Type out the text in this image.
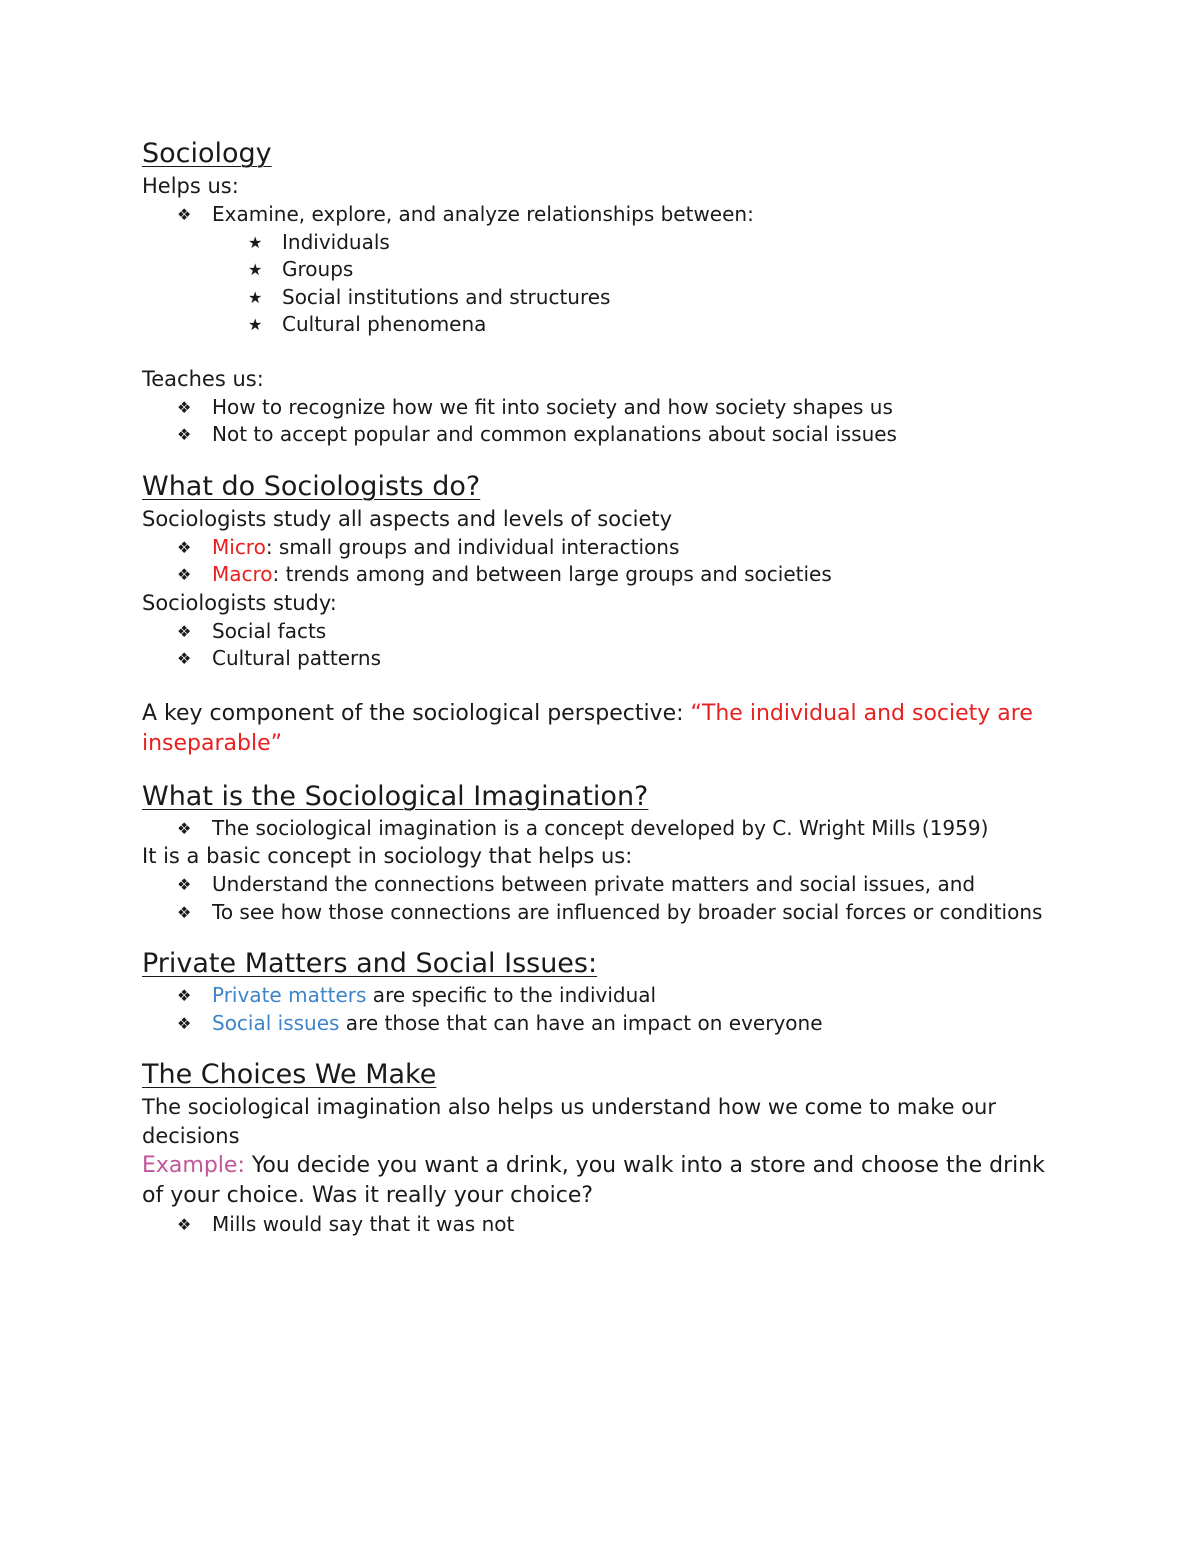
Sociology

Helps us:

❖ Examine, explore, and analyze relationships between:
★ Individuals
★ Groups
★ Social institutions and structures
★ Cultural phenomena

Teaches us:

❖ How to recognize how we fit into society and how society shapes us
❖ Not to accept popular and common explanations about social issues
What do Sociologists do?

Sociologists study all aspects and levels of society

❖ Micro: small groups and individual interactions
❖ Macro: trends among and between large groups and societies

Sociologists study:

❖ Social facts
❖ Cultural patterns

A key component of the sociological perspective: “The individual and society are inseparable”

What is the Sociological Imagination?
❖ The sociological imagination is a concept developed by C. Wright Mills (1959)

It is a basic concept in sociology that helps us:

❖ Understand the connections between private matters and social issues, and
❖ To see how those connections are influenced by broader social forces or conditions
Private Matters and Social Issues:
❖ Private matters are specific to the individual
❖ Social issues are those that can have an impact on everyone
The Choices We Make

The sociological imagination also helps us understand how we come to make our decisions

Example: You decide you want a drink, you walk into a store and choose the drink of your choice. Was it really your choice?

❖ Mills would say that it was not
